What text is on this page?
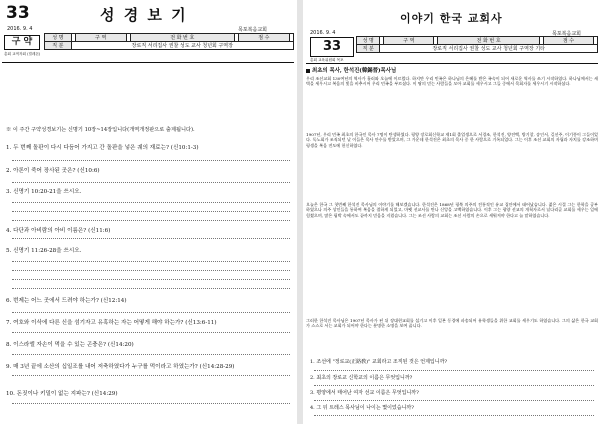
33
2016. 9. 4
성 경 보 기
목포복음교회
구 약
총회 교역자회 (빌레몬)
성 명		구 역		전 화 번 호		점 수	
직 분	장로직 서리집사 권찰 성도 교사 청년회 구역장						
※ 이 주간 구약성경보기는 신명기 10장~14장입니다(개역개정판으로 출제됩니다).
1. 두 번째 돌판이 다시 다듬어 가지고 간 돌판을 넣은 궤의 재료는? (신10:1-3)
2. 아론이 죽어 장사된 곳은? (신10:6)
3. 신명기 10:20-21을 쓰시오.
4. 다단과 아비람의 아비 이름은? (신11:6)
5. 신명기 11:26-28을 쓰시오.
6. 번제는 어느 곳에서 드려야 하는가? (신12:14)
7. 여호와 이삭에 다른 신을 섬기자고 유혹하는 자는 어떻게 해야 하는가? (신13:6-11)
8. 이스라엘 자손이 먹을 수 있는 곤충은? (신14:20)
9. 매 3년 끝에 소산의 십일조를 내어 저축하였다가 누구를 먹이라고 하였는가? (신14:28-29)
10. 돈짓이나 키밀이 없는 지파는? (신14:29)
이야기 한국 교회사
2016. 9. 4	목포복음교회
33
총회 교육위원회 목포
성 명		구 역		전 화 번 호		점 수	
직 분	장로직 서리집사 권찰 성도 교사 청년회 구역장 기타						
최초의 목사, 한석진(韓錫晉)목사님
우리 조선교회 130여년의 역사가 흘러와 오늘에 이르렀다. 하지만 우리 민족은 하나님의 은혜를 받은 족속이 되어 새로운 역사를 쓰기 시작하였다. 하나님께서는 새벽을 세우시고 복음의 빛을 비추시어 우리 민족을 부르셨다. 이 땅의 믿는 사람들을 모아 교회를 세우시고 그들 중에서 목회자를 세우시기 시작하셨다.
1907년, 우리 민족 최초의 한국인 목사 7명이 탄생하였다. 평양 장로회신학교 제1회 졸업생으로 서경조, 한석진, 양전백, 방기창, 송인서, 길선주, 이기풍이 그들이었다. 독노회가 조직되던 날 이들은 목사 안수를 받았으며, 그 가운데 한석진은 최초의 목사 중 한 사람으로 기록되었다. 그는 이후 조선 교회의 자립과 자치를 강조하며 평생을 복음 전도에 헌신하였다.
오늘은 한국 그 첫번째 한석진 목사님의 이야기를 해보겠습니다. 한석진은 1868년 평북 의주의 전통적인 유교 집안에서 태어났습니다. 젊은 시절 그는 한학을 공부하였으나 의주 상인들을 통하여 복음을 접하게 되었고, 마펫 선교사를 만나 신앙을 고백하였습니다. 이후 그는 평양 선교의 개척자로서 널다리골 교회를 세우는 일에 힘썼으며, 많은 핍박 속에서도 끝까지 믿음을 지켰습니다. 그는 조선 사람의 교회는 조선 사람의 손으로 세워져야 한다고 늘 말하였습니다.
그러한 한석진 목사님은 1907년 목사가 된 뒤 장대현교회를 섬기고 이후 일본 동경에 파송되어 유학생들을 위한 교회를 세우기도 하였습니다. 그의 삶은 한국 교회가 스스로 서는 교회가 되어야 한다는 분명한 소명을 보여 줍니다.
1. 조선에 "정로교(正路敎)" 교회라고 조직된 것은 언제입니까?
2. 최초의 장로교 신학교의 이름은 무엇입니까?
3. 평양에서 태어난 여자 선교 이름은 무엇입니까?
4. 그 뒤 트레스 목사님이 나이는 몇이었습니까?
